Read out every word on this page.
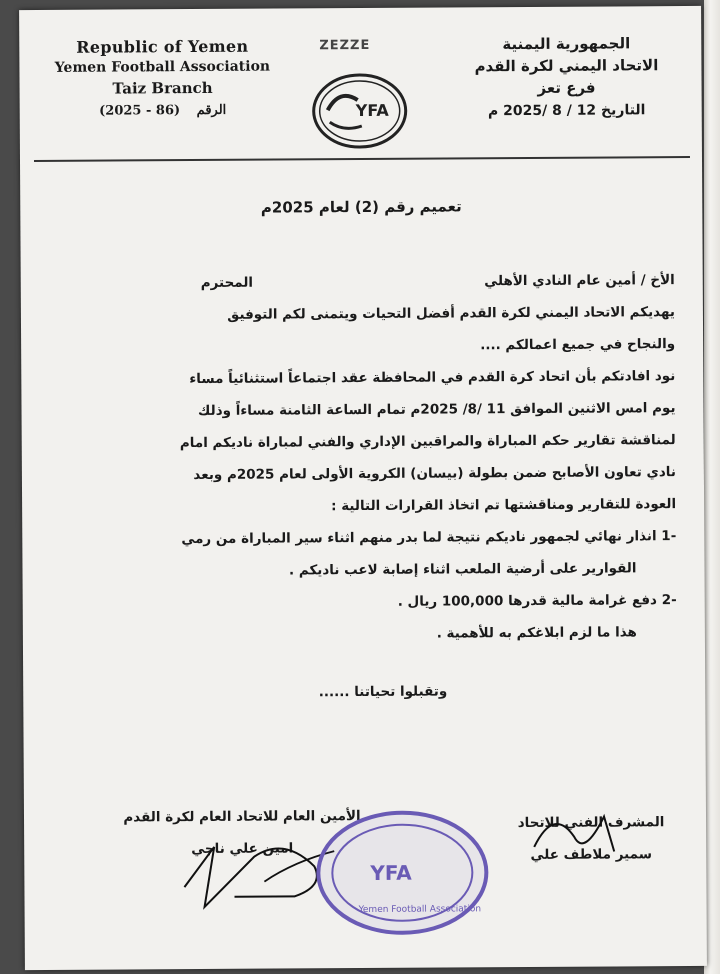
Republic of Yemen
Yemen Football Association
Taiz Branch
الرقم (2025 - 86)
ZEZZE
YFA
الجمهورية اليمنية
الاتحاد اليمني لكرة القدم
فرع تعز
التاريخ 12 / 8 /2025 م
تعميم رقم (2) لعام 2025م
الأخ / أمين عام النادي الأهلي
المحترم
يهديكم الاتحاد اليمني لكرة القدم أفضل التحيات ويتمنى لكم التوفيق
والنجاح في جميع اعمالكم ....
نود افادتكم بأن اتحاد كرة القدم في المحافظة عقد اجتماعاً استثنائياً مساء
يوم امس الاثنين الموافق 11 /8/ 2025م تمام الساعة الثامنة مساءاً وذلك
لمناقشة تقارير حكم المباراة والمراقبين الإداري والفني لمباراة ناديكم امام
نادي تعاون الأصابح ضمن بطولة (بيسان) الكروية الأولى لعام 2025م وبعد
العودة للتقارير ومناقشتها تم اتخاذ القرارات التالية :
-1 انذار نهائي لجمهور ناديكم نتيجة لما بدر منهم اثناء سير المباراة من رمي
القوارير على أرضية الملعب اثناء إصابة لاعب ناديكم .
-2 دفع غرامة مالية قدرها 100,000 ريال .
هذا ما لزم ابلاغكم به للأهمية .
وتقبلوا تحياتنا ......
الأمين العام للاتحاد العام لكرة القدم
امين علي ناجي
YFA
Yemen Football Association
المشرف الفني للاتحاد
سمير ملاطف علي
